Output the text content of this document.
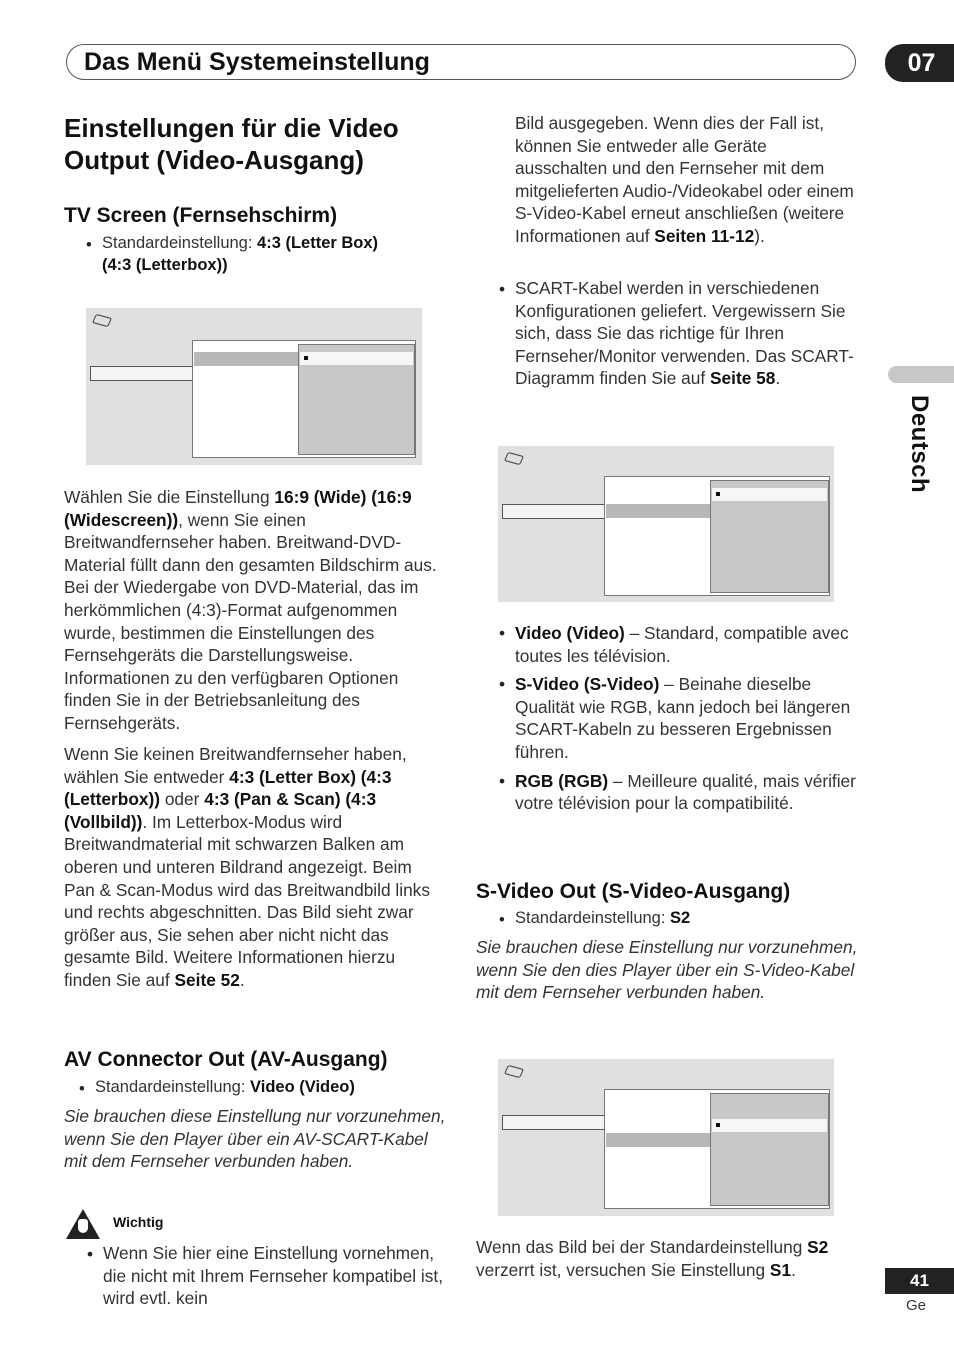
Das Menü Systemeinstellung	07
Deutsch
Einstellungen für die Video
Output (Video-Ausgang)
TV Screen (Fernsehschirm)
• Standardeinstellung: 4:3 (Letter Box)
(4:3 (Letterbox))

Wählen Sie die Einstellung 16:9 (Wide) (16:9 (Widescreen)), wenn Sie einen Breitwandfernseher haben. Breitwand-DVD-Material füllt dann den gesamten Bildschirm aus. Bei der Wiedergabe von DVD-Material, das im herkömmlichen (4:3)-Format aufgenommen wurde, bestimmen die Einstellungen des Fernsehgeräts die Darstellungsweise. Informationen zu den verfügbaren Optionen finden Sie in der Betriebsanleitung des Fernsehgeräts.

Wenn Sie keinen Breitwandfernseher haben, wählen Sie entweder 4:3 (Letter Box) (4:3 (Letterbox)) oder 4:3 (Pan & Scan) (4:3 (Vollbild)). Im Letterbox-Modus wird Breitwandmaterial mit schwarzen Balken am oberen und unteren Bildrand angezeigt. Beim Pan & Scan-Modus wird das Breitwandbild links und rechts abgeschnitten. Das Bild sieht zwar größer aus, Sie sehen aber nicht nicht das gesamte Bild. Weitere Informationen hierzu finden Sie auf Seite 52.

AV Connector Out (AV-Ausgang)
• Standardeinstellung: Video (Video)

Sie brauchen diese Einstellung nur vorzunehmen, wenn Sie den Player über ein AV-SCART-Kabel mit dem Fernseher verbunden haben.

Wichtig

• Wenn Sie hier eine Einstellung vornehmen, die nicht mit Ihrem Fernseher kompatibel ist, wird evtl. kein

Bild ausgegeben. Wenn dies der Fall ist, können Sie entweder alle Geräte ausschalten und den Fernseher mit dem mitgelieferten Audio-/Videokabel oder einem S-Video-Kabel erneut anschließen (weitere Informationen auf Seiten 11-12).

• SCART-Kabel werden in verschiedenen Konfigurationen geliefert. Vergewissern Sie sich, dass Sie das richtige für Ihren Fernseher/Monitor verwenden. Das SCART-Diagramm finden Sie auf Seite 58.

• Video (Video) – Standard, compatible avec toutes les télévision.

• S-Video (S-Video) – Beinahe dieselbe Qualität wie RGB, kann jedoch bei längeren SCART-Kabeln zu besseren Ergebnissen führen.

• RGB (RGB) – Meilleure qualité, mais vérifier votre télévision pour la compatibilité.

S-Video Out (S-Video-Ausgang)
• Standardeinstellung: S2

Sie brauchen diese Einstellung nur vorzunehmen, wenn Sie den dies Player über ein S-Video-Kabel mit dem Fernseher verbunden haben.

Wenn das Bild bei der Standardeinstellung S2 verzerrt ist, versuchen Sie Einstellung S1.

41
Ge
